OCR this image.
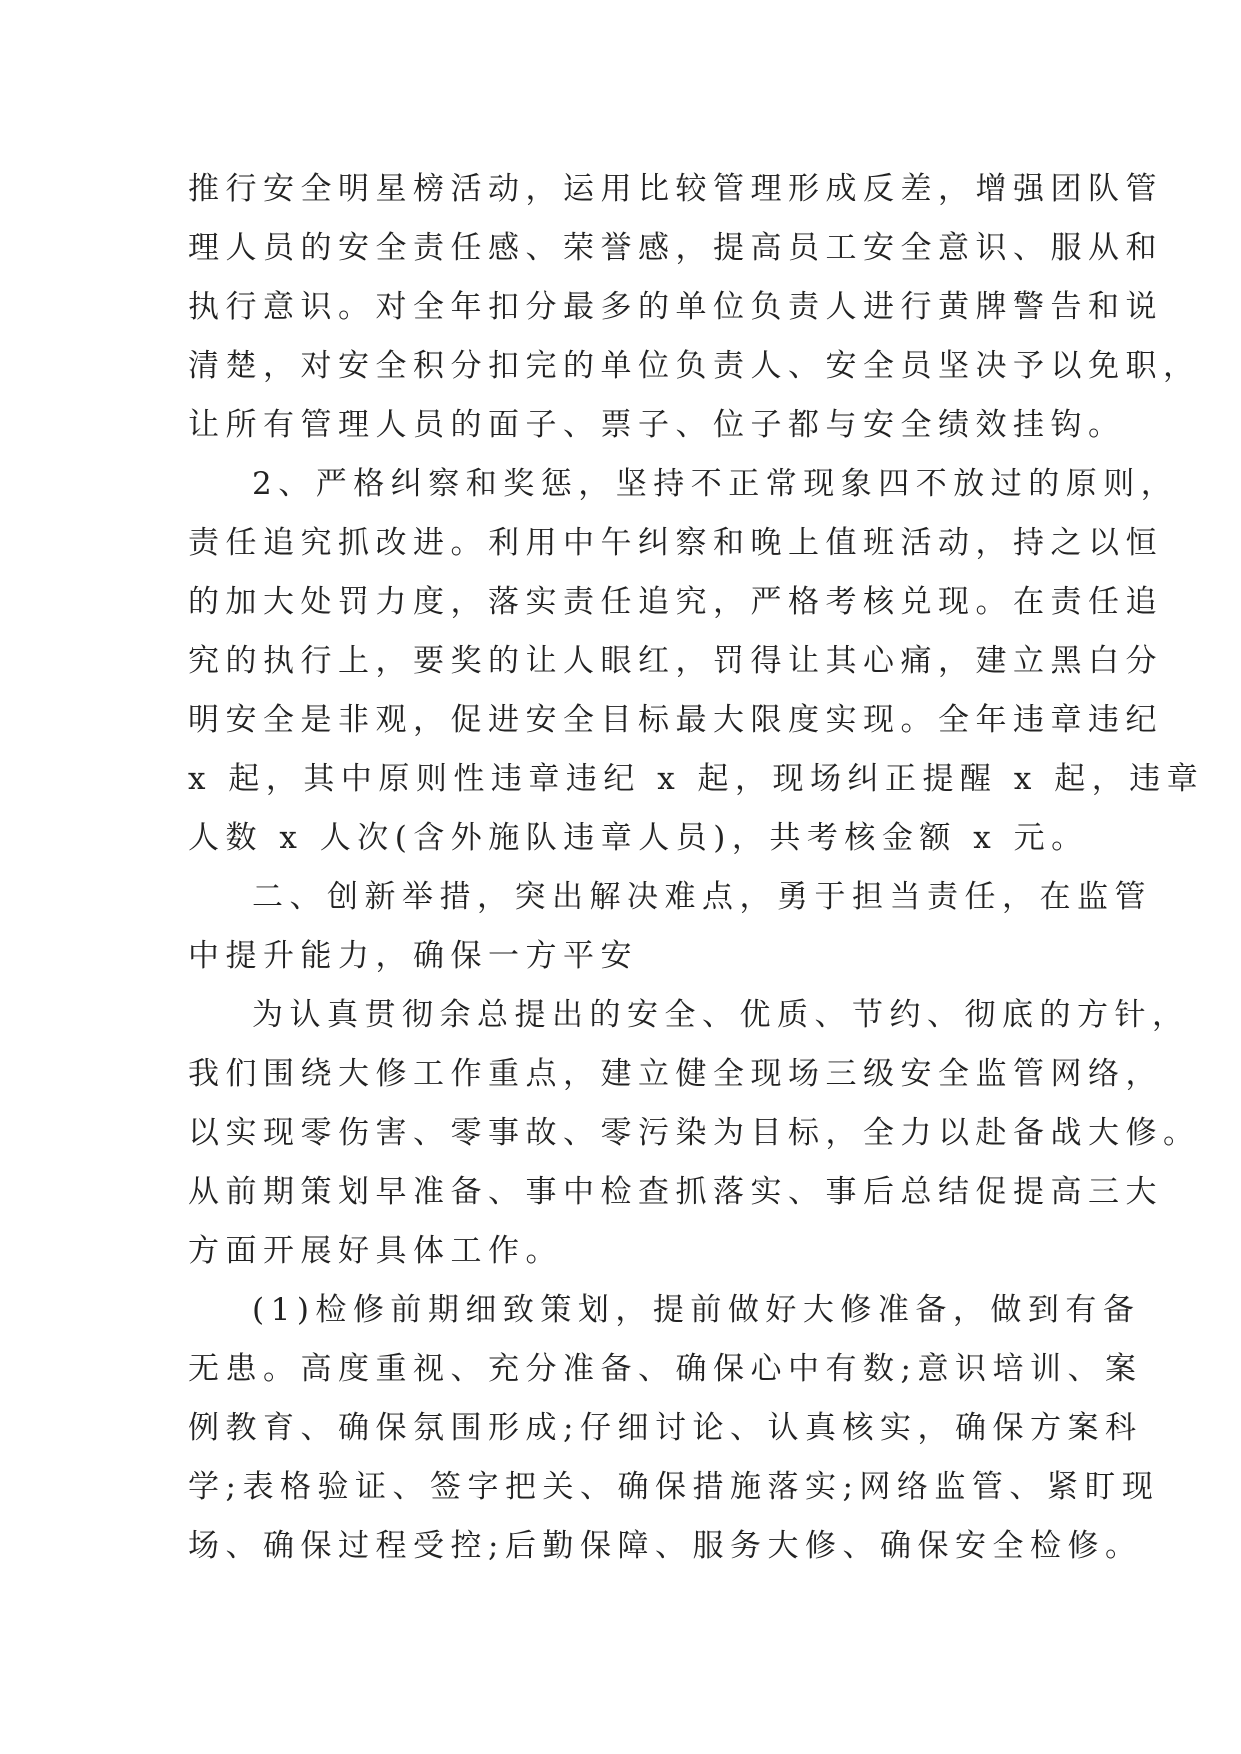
推行安全明星榜活动，运用比较管理形成反差，增强团队管
理人员的安全责任感、荣誉感，提高员工安全意识、服从和
执行意识。对全年扣分最多的单位负责人进行黄牌警告和说
清楚，对安全积分扣完的单位负责人、安全员坚决予以免职，
让所有管理人员的面子、票子、位子都与安全绩效挂钩。

2、严格纠察和奖惩，坚持不正常现象四不放过的原则，
责任追究抓改进。利用中午纠察和晚上值班活动，持之以恒
的加大处罚力度，落实责任追究，严格考核兑现。在责任追
究的执行上，要奖的让人眼红，罚得让其心痛，建立黑白分
明安全是非观，促进安全目标最大限度实现。全年违章违纪
x 起，其中原则性违章违纪 x 起，现场纠正提醒 x 起，违章
人数 x 人次(含外施队违章人员)，共考核金额 x 元。

二、创新举措，突出解决难点，勇于担当责任，在监管
中提升能力，确保一方平安

为认真贯彻余总提出的安全、优质、节约、彻底的方针，
我们围绕大修工作重点，建立健全现场三级安全监管网络，
以实现零伤害、零事故、零污染为目标，全力以赴备战大修。
从前期策划早准备、事中检查抓落实、事后总结促提高三大
方面开展好具体工作。

(1)检修前期细致策划，提前做好大修准备，做到有备
无患。高度重视、充分准备、确保心中有数;意识培训、案
例教育、确保氛围形成;仔细讨论、认真核实，确保方案科
学;表格验证、签字把关、确保措施落实;网络监管、紧盯现
场、确保过程受控;后勤保障、服务大修、确保安全检修。
